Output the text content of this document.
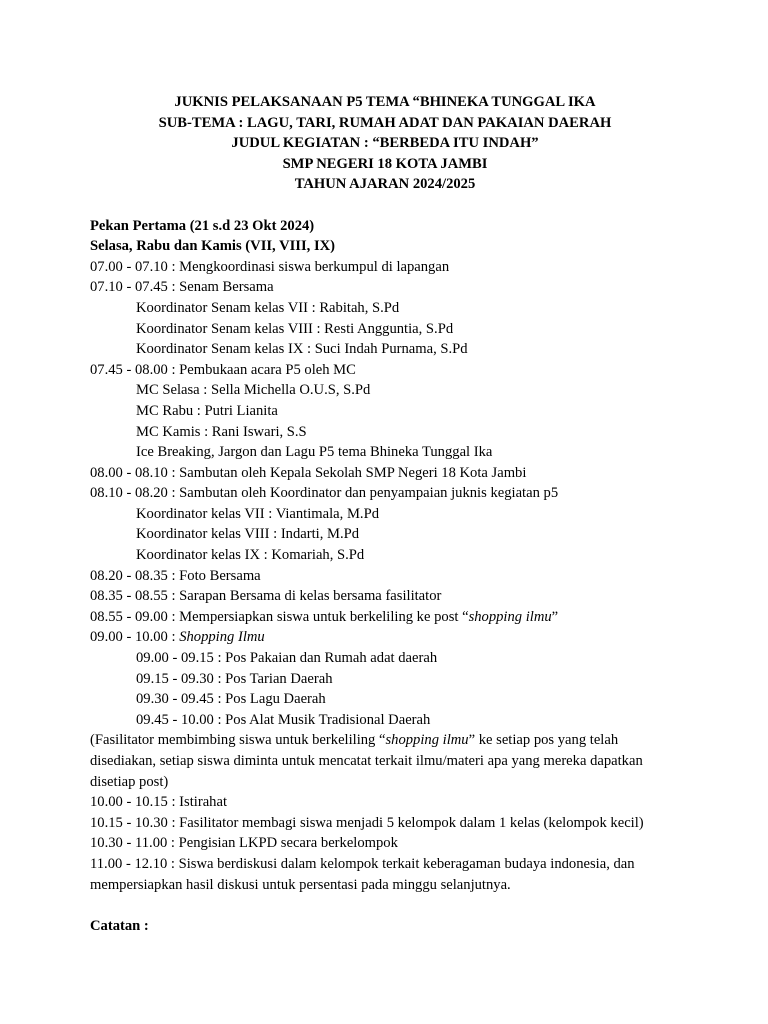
JUKNIS PELAKSANAAN P5 TEMA “BHINEKA TUNGGAL IKA
SUB-TEMA : LAGU, TARI, RUMAH ADAT DAN PAKAIAN DAERAH
JUDUL KEGIATAN : “BERBEDA ITU INDAH”
SMP NEGERI 18 KOTA JAMBI
TAHUN AJARAN 2024/2025
Pekan Pertama (21 s.d 23 Okt 2024)
Selasa, Rabu dan Kamis (VII, VIII, IX)
07.00 - 07.10 : Mengkoordinasi siswa berkumpul di lapangan
07.10 - 07.45 : Senam Bersama
Koordinator Senam kelas VII : Rabitah, S.Pd
Koordinator Senam kelas VIII : Resti Angguntia, S.Pd
Koordinator Senam kelas IX : Suci Indah Purnama, S.Pd
07.45 - 08.00 : Pembukaan acara P5 oleh MC
MC Selasa : Sella Michella O.U.S, S.Pd
MC Rabu : Putri Lianita
MC Kamis : Rani Iswari, S.S
Ice Breaking, Jargon dan Lagu P5 tema Bhineka Tunggal Ika
08.00 - 08.10 : Sambutan oleh Kepala Sekolah SMP Negeri 18 Kota Jambi
08.10 - 08.20 : Sambutan oleh Koordinator dan penyampaian juknis kegiatan p5
Koordinator kelas VII : Viantimala, M.Pd
Koordinator kelas VIII : Indarti, M.Pd
Koordinator kelas IX : Komariah, S.Pd
08.20 - 08.35 : Foto Bersama
08.35 - 08.55 : Sarapan Bersama di kelas bersama fasilitator
08.55 - 09.00 : Mempersiapkan siswa untuk berkeliling ke post “shopping ilmu”
09.00 - 10.00 : Shopping Ilmu
09.00 - 09.15 : Pos Pakaian dan Rumah adat daerah
09.15 - 09.30 : Pos Tarian Daerah
09.30 - 09.45 : Pos Lagu Daerah
09.45 - 10.00 : Pos Alat Musik Tradisional Daerah
(Fasilitator membimbing siswa untuk berkeliling “shopping ilmu” ke setiap pos yang telah disediakan, setiap siswa diminta untuk mencatat terkait ilmu/materi apa yang mereka dapatkan disetiap post)
10.00 - 10.15 : Istirahat
10.15 - 10.30 : Fasilitator membagi siswa menjadi 5 kelompok dalam 1 kelas (kelompok kecil)
10.30 - 11.00 : Pengisian LKPD secara berkelompok
11.00 - 12.10 : Siswa berdiskusi dalam kelompok terkait keberagaman budaya indonesia, dan mempersiapkan hasil diskusi untuk persentasi pada minggu selanjutnya.
Catatan :
